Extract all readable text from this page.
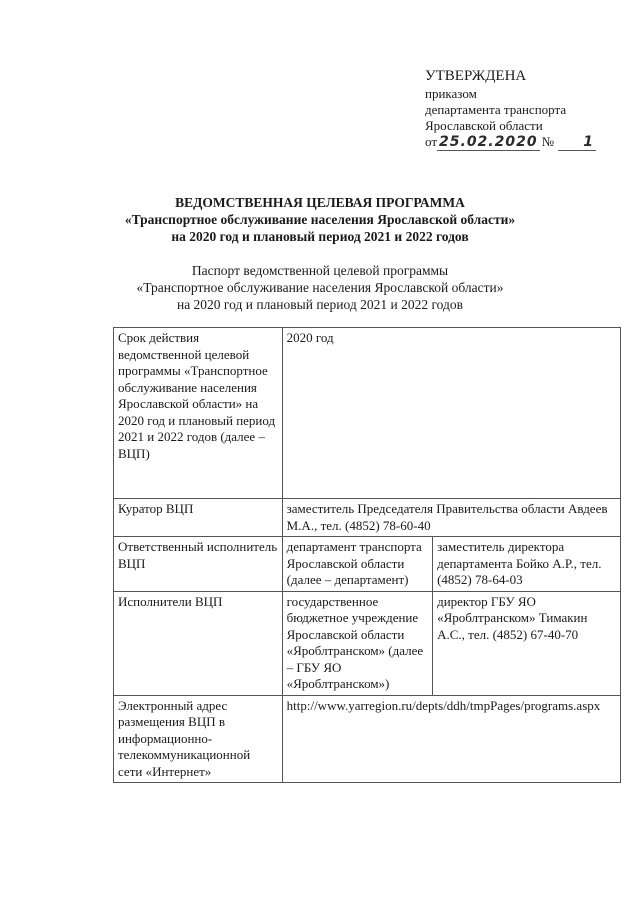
УТВЕРЖДЕНА
приказом
департамента транспорта
Ярославской области
от 25.02.2020 №	1
ВЕДОМСТВЕННАЯ ЦЕЛЕВАЯ ПРОГРАММА
«Транспортное обслуживание населения Ярославской области»
на 2020 год и плановый период 2021 и 2022 годов
Паспорт ведомственной целевой программы
«Транспортное обслуживание населения Ярославской области»
на 2020 год и плановый период 2021 и 2022 годов
Срок действия ведомственной целевой программы «Транспортное обслуживание населения Ярославской области» на 2020 год и плановый период 2021 и 2022 годов (далее – ВЦП)	2020 год	
Куратор ВЦП	заместитель Председателя Правительства области Авдеев М.А., тел. (4852) 78-60-40	
Ответственный исполнитель ВЦП	департамент транспорта Ярославской области (далее – департамент)	заместитель директора департамента Бойко А.Р., тел. (4852) 78-64-03
Исполнители ВЦП	государственное бюджетное учреждение Ярославской области «Яроблтранском» (далее – ГБУ ЯО «Яроблтранском»)	директор ГБУ ЯО «Яроблтранском» Тимакин А.С., тел. (4852) 67-40-70
Электронный адрес размещения ВЦП в информационно-телекоммуникационной сети «Интернет»	http://www.yarregion.ru/depts/ddh/tmpPages/programs.aspx	
